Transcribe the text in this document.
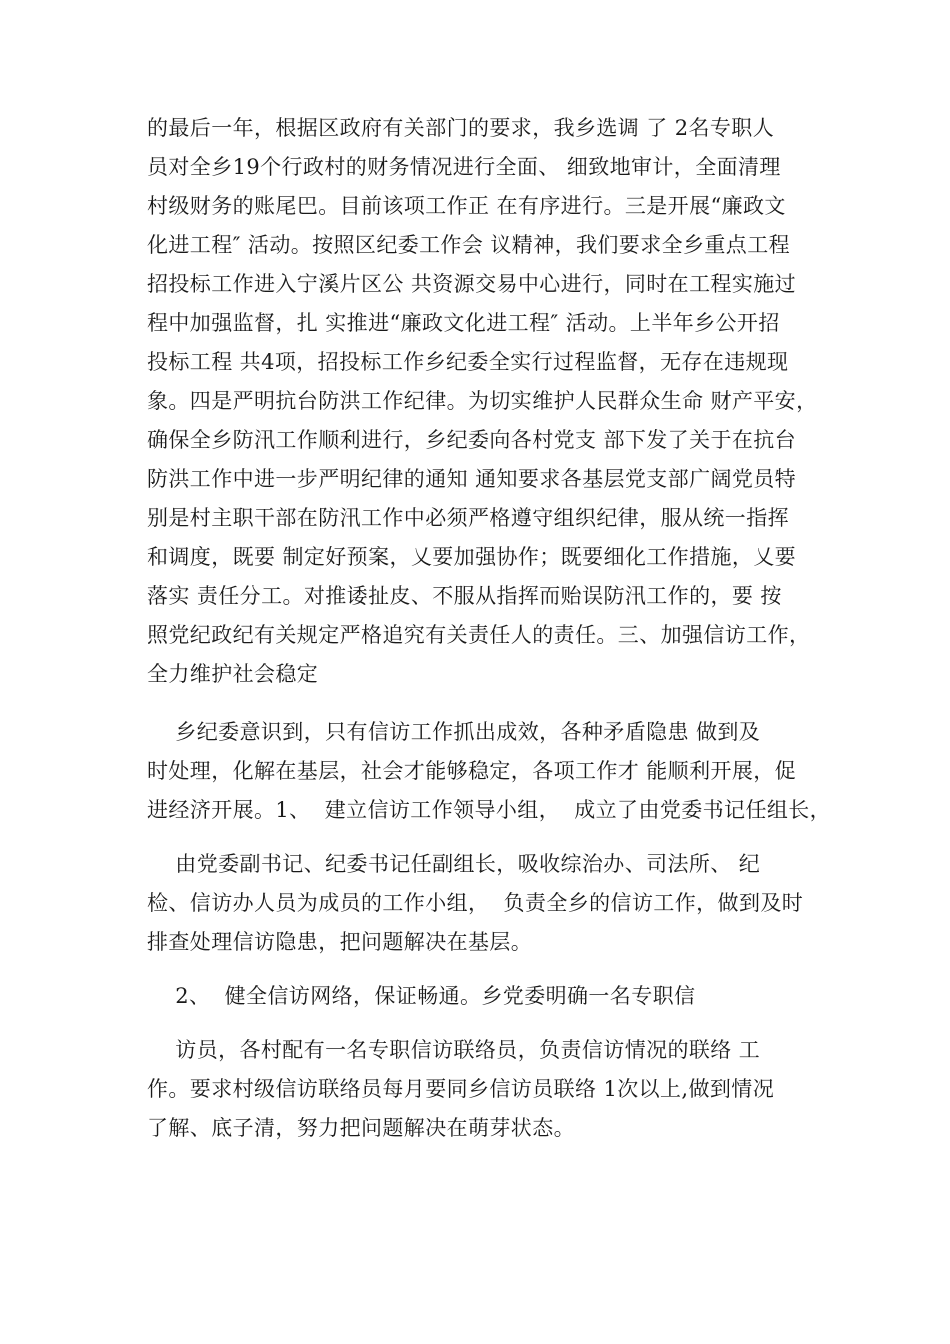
的最后一年，根据区政府有关部门的要求，我乡选调 了 2名专职人
员对全乡19个行政村的财务情况进行全面、 细致地审计，全面清理
村级财务的账尾巴。目前该项工作正 在有序进行。三是开展“廉政文
化进工程″ 活动。按照区纪委工作会 议精神，我们要求全乡重点工程
招投标工作进入宁溪片区公 共资源交易中心进行，同时在工程实施过
程中加强监督，扎 实推进“廉政文化进工程″ 活动。上半年乡公开招
投标工程 共4项，招投标工作乡纪委全实行过程监督，无存在违规现
象。四是严明抗台防洪工作纪律。为切实维护人民群众生命 财产平安，
确保全乡防汛工作顺利进行，乡纪委向各村党支 部下发了关于在抗台
防洪工作中进一步严明纪律的通知 通知要求各基层党支部广阔党员特
别是村主职干部在防汛工作中必须严格遵守组织纪律，服从统一指挥
和调度，既要 制定好预案，乂要加强协作；既要细化工作措施，乂要
落实 责任分工。对推诿扯皮、不服从指挥而贻误防汛工作的，要 按
照党纪政纪有关规定严格追究有关责任人的责任。三、加强信访工作，
全力维护社会稳定
乡纪委意识到，只有信访工作抓出成效，各种矛盾隐患 做到及
时处理，化解在基层，社会才能够稳定，各项工作才 能顺利开展，促
进经济开展。1、  建立信访工作领导小组，  成立了由党委书记任组长，
由党委副书记、纪委书记任副组长，吸收综治办、司法所、 纪
检、信访办人员为成员的工作小组，  负责全乡的信访工作，做到及时
排查处理信访隐患，把问题解决在基层。
2、  健全信访网络，保证畅通。乡党委明确一名专职信
访员，各村配有一名专职信访联络员，负责信访情况的联络 工
作。要求村级信访联络员每月要同乡信访员联络 1次以上,做到情况
了解、底子清，努力把问题解决在萌芽状态。
